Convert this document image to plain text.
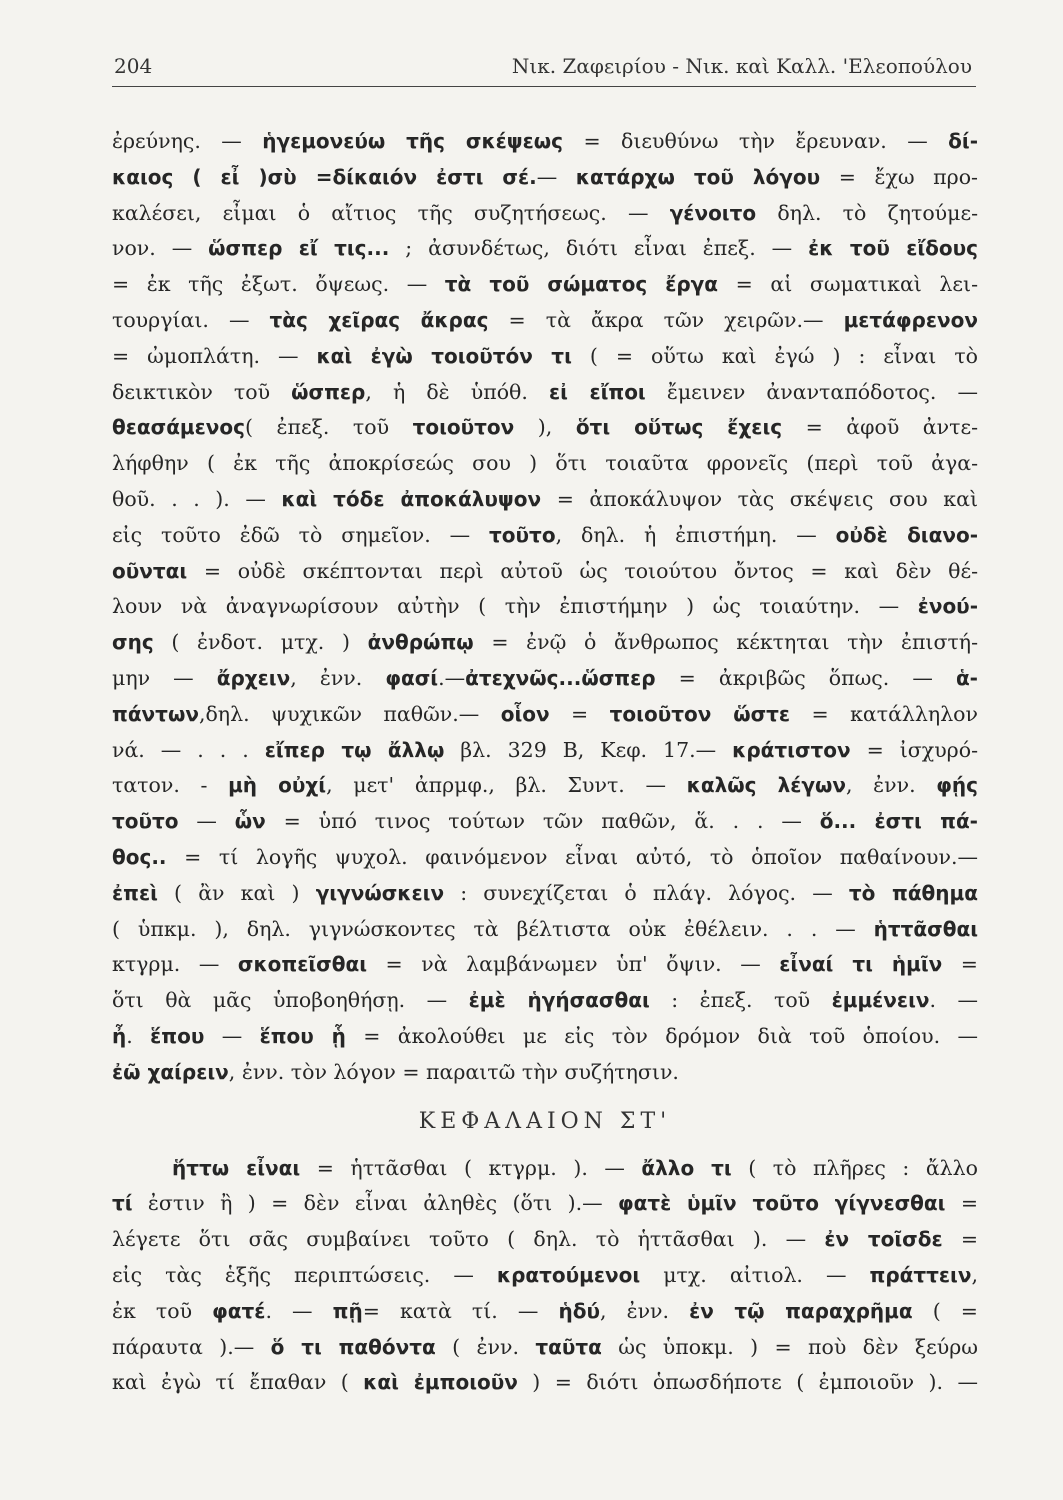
204	Νικ. Ζαφειρίου - Νικ. καὶ Καλλ. 'Ελεοπούλου
ἐρεύνης. — ἡγεμονεύω τῆς σκέψεως = διευθύνω τὴν ἔρευναν. — δί-
καιος ( εἶ )σὺ =δίκαιόν ἐστι σέ.— κατάρχω τοῦ λόγου = ἔχω προ-
καλέσει, εἶμαι ὁ αἴτιος τῆς συζητήσεως. — γένοιτο δηλ. τὸ ζητούμε-
νον. — ὥσπερ εἴ τις... ; ἀσυνδέτως, διότι εἶναι ἐπεξ. — ἐκ τοῦ εἴδους
= ἐκ τῆς ἐξωτ. ὄψεως. — τὰ τοῦ σώματος ἔργα = αἱ σωματικαὶ λει-
τουργίαι. — τὰς χεῖρας ἄκρας = τὰ ἄκρα τῶν χειρῶν.— μετάφρενον
= ὠμοπλάτη. — καὶ ἐγὼ τοιοῦτόν τι ( = οὕτω καὶ ἐγώ ) : εἶναι τὸ
δεικτικὸν τοῦ ὥσπερ, ἡ δὲ ὑπόθ. εἰ εἴποι ἔμεινεν ἀνανταπόδοτος. —
θεασάμενος( ἐπεξ. τοῦ τοιοῦτον ), ὅτι οὕτως ἔχεις = ἀφοῦ ἀντε-
λήφθην ( ἐκ τῆς ἀποκρίσεώς σου ) ὅτι τοιαῦτα φρονεῖς (περὶ τοῦ ἀγα-
θοῦ. . . ). — καὶ τόδε ἀποκάλυψον = ἀποκάλυψον τὰς σκέψεις σου καὶ
εἰς τοῦτο ἐδῶ τὸ σημεῖον. — τοῦτο, δηλ. ἡ ἐπιστήμη. — οὐδὲ διανο-
οῦνται = οὐδὲ σκέπτονται περὶ αὐτοῦ ὡς τοιούτου ὄντος = καὶ δὲν θέ-
λουν νὰ ἀναγνωρίσουν αὐτὴν ( τὴν ἐπιστήμην ) ὡς τοιαύτην. — ἐνού-
σης ( ἐνδοτ. μτχ. ) ἀνθρώπῳ = ἐνῷ ὁ ἄνθρωπος κέκτηται τὴν ἐπιστή-
μην — ἄρχειν, ἐνν. φασί.—ἀτεχνῶς...ὥσπερ = ἀκριβῶς ὅπως. — ἁ-
πάντων,δηλ. ψυχικῶν παθῶν.— οἷον = τοιοῦτον ὥστε = κατάλληλον
νά. — . . . εἴπερ τῳ ἄλλῳ βλ. 329 B, Κεφ. 17.— κράτιστον = ἰσχυρό-
τατον. - μὴ οὐχί, μετ' ἀπρμφ., βλ. Συντ. — καλῶς λέγων, ἐνν. φῄς
τοῦτο — ὧν = ὑπό τινος τούτων τῶν παθῶν, ἅ. . . — ὅ... ἐστι πά-
θος.. = τί λογῆς ψυχολ. φαινόμενον εἶναι αὐτό, τὸ ὁποῖον παθαίνουν.—
ἐπεὶ ( ἂν καὶ ) γιγνώσκειν : συνεχίζεται ὁ πλάγ. λόγος. — τὸ πάθημα
( ὑπκμ. ), δηλ. γιγνώσκοντες τὰ βέλτιστα οὐκ ἐθέλειν. . . — ἡττᾶσθαι
κτγρμ. — σκοπεῖσθαι = νὰ λαμβάνωμεν ὑπ' ὄψιν. — εἶναί τι ἡμῖν =
ὅτι θὰ μᾶς ὑποβοηθήσῃ. — ἐμὲ ἡγήσασθαι : ἐπεξ. τοῦ ἐμμένειν. —
ἦ. ἕπου — ἕπου ᾗ = ἀκολούθει με εἰς τὸν δρόμον διὰ τοῦ ὁποίου. —
ἐῶ χαίρειν, ἐνν. τὸν λόγον = παραιτῶ τὴν συζήτησιν.
ΚΕΦΑΛΑΙΟΝ ΣΤ'
ἥττω εἶναι = ἡττᾶσθαι ( κτγρμ. ). — ἄλλο τι ( τὸ πλῆρες : ἄλλο
τί ἐστιν ἢ ) = δὲν εἶναι ἀληθὲς (ὅτι ).— φατὲ ὑμῖν τοῦτο γίγνεσθαι =
λέγετε ὅτι σᾶς συμβαίνει τοῦτο ( δηλ. τὸ ἡττᾶσθαι ). — ἐν τοῖσδε =
εἰς τὰς ἑξῆς περιπτώσεις. — κρατούμενοι μτχ. αἰτιολ. — πράττειν,
ἐκ τοῦ φατέ. — πῇ= κατὰ τί. — ἡδύ, ἐνν. ἐν τῷ παραχρῆμα ( =
πάραυτα ).— ὅ τι παθόντα ( ἐνν. ταῦτα ὡς ὑποκμ. ) = ποὺ δὲν ξεύρω
καὶ ἐγὼ τί ἔπαθαν ( καὶ ἐμποιοῦν ) = διότι ὁπωσδήποτε ( ἐμποιοῦν ). —
